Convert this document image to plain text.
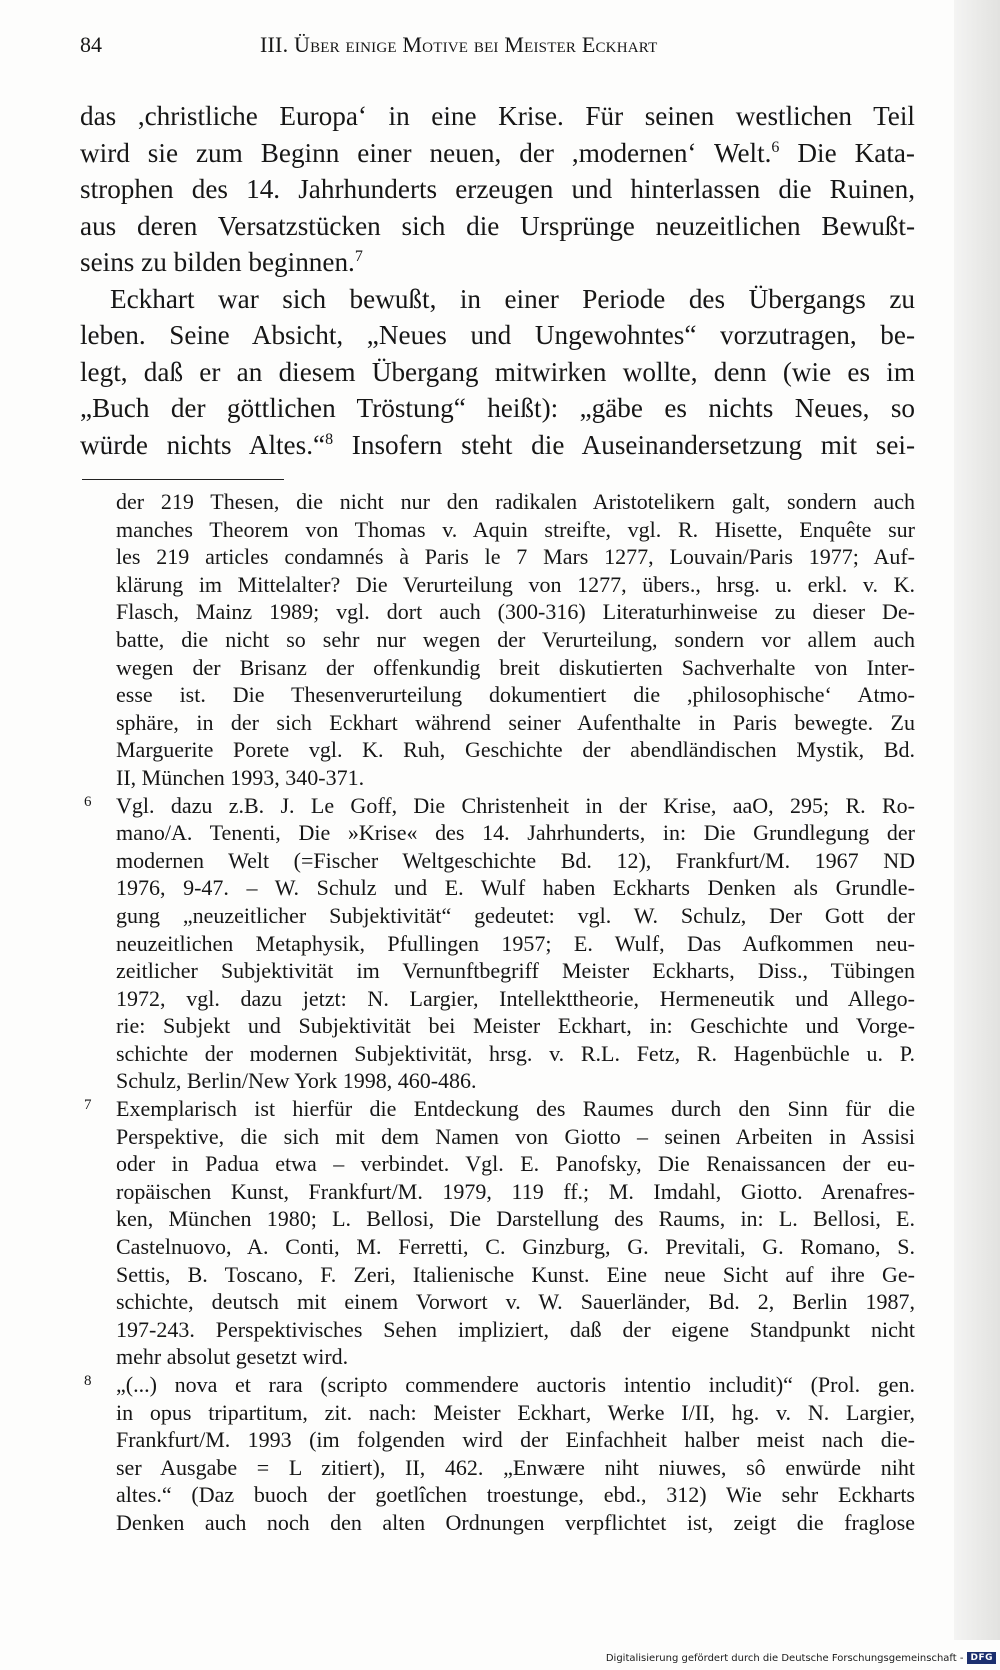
84	III. Über einige Motive bei Meister Eckhart
das ,christliche Europa‘ in eine Krise. Für seinen westlichen Teil
wird sie zum Beginn einer neuen, der ,modernen‘ Welt.$^6$ Die Kata-
strophen des 14. Jahrhunderts erzeugen und hinterlassen die Ruinen,
aus deren Versatzstücken sich die Ursprünge neuzeitlichen Bewußt-
seins zu bilden beginnen.$^7$
Eckhart war sich bewußt, in einer Periode des Übergangs zu
leben. Seine Absicht, „Neues und Ungewohntes“ vorzutragen, be-
legt, daß er an diesem Übergang mitwirken wollte, denn (wie es im
„Buch der göttlichen Tröstung“ heißt): „gäbe es nichts Neues, so
würde nichts Altes.“$^8$ Insofern steht die Auseinandersetzung mit sei-
der 219 Thesen, die nicht nur den radikalen Aristotelikern galt, sondern auch
manches Theorem von Thomas v. Aquin streifte, vgl. R. Hisette, Enquête sur
les 219 articles condamnés à Paris le 7 Mars 1277, Louvain/Paris 1977; Auf-
klärung im Mittelalter? Die Verurteilung von 1277, übers., hrsg. u. erkl. v. K.
Flasch, Mainz 1989; vgl. dort auch (300-316) Literaturhinweise zu dieser De-
batte, die nicht so sehr nur wegen der Verurteilung, sondern vor allem auch
wegen der Brisanz der offenkundig breit diskutierten Sachverhalte von Inter-
esse ist. Die Thesenverurteilung dokumentiert die ,philosophische‘ Atmo-
sphäre, in der sich Eckhart während seiner Aufenthalte in Paris bewegte. Zu
Marguerite Porete vgl. K. Ruh, Geschichte der abendländischen Mystik, Bd.
II, München 1993, 340-371.
6 Vgl. dazu z.B. J. Le Goff, Die Christenheit in der Krise, aaO, 295; R. Ro-
mano/A. Tenenti, Die »Krise« des 14. Jahrhunderts, in: Die Grundlegung der
modernen Welt (=Fischer Weltgeschichte Bd. 12), Frankfurt/M. 1967 ND
1976, 9-47. – W. Schulz und E. Wulf haben Eckharts Denken als Grundle-
gung „neuzeitlicher Subjektivität“ gedeutet: vgl. W. Schulz, Der Gott der
neuzeitlichen Metaphysik, Pfullingen 1957; E. Wulf, Das Aufkommen neu-
zeitlicher Subjektivität im Vernunftbegriff Meister Eckharts, Diss., Tübingen
1972, vgl. dazu jetzt: N. Largier, Intellekttheorie, Hermeneutik und Allego-
rie: Subjekt und Subjektivität bei Meister Eckhart, in: Geschichte und Vorge-
schichte der modernen Subjektivität, hrsg. v. R.L. Fetz, R. Hagenbüchle u. P.
Schulz, Berlin/New York 1998, 460-486.
7 Exemplarisch ist hierfür die Entdeckung des Raumes durch den Sinn für die
Perspektive, die sich mit dem Namen von Giotto – seinen Arbeiten in Assisi
oder in Padua etwa – verbindet. Vgl. E. Panofsky, Die Renaissancen der eu-
ropäischen Kunst, Frankfurt/M. 1979, 119 ff.; M. Imdahl, Giotto. Arenafres-
ken, München 1980; L. Bellosi, Die Darstellung des Raums, in: L. Bellosi, E.
Castelnuovo, A. Conti, M. Ferretti, C. Ginzburg, G. Previtali, G. Romano, S.
Settis, B. Toscano, F. Zeri, Italienische Kunst. Eine neue Sicht auf ihre Ge-
schichte, deutsch mit einem Vorwort v. W. Sauerländer, Bd. 2, Berlin 1987,
197-243. Perspektivisches Sehen impliziert, daß der eigene Standpunkt nicht
mehr absolut gesetzt wird.
8 „(...) nova et rara (scripto commendere auctoris intentio includit)“ (Prol. gen.
in opus tripartitum, zit. nach: Meister Eckhart, Werke I/II, hg. v. N. Largier,
Frankfurt/M. 1993 (im folgenden wird der Einfachheit halber meist nach die-
ser Ausgabe = L zitiert), II, 462. „Enwære niht niuwes, sô enwürde niht
altes.“ (Daz buoch der goetlîchen troestunge, ebd., 312) Wie sehr Eckharts
Denken auch noch den alten Ordnungen verpflichtet ist, zeigt die fraglose
Digitalisierung gefördert durch die Deutsche Forschungsgemeinschaft - DFG
